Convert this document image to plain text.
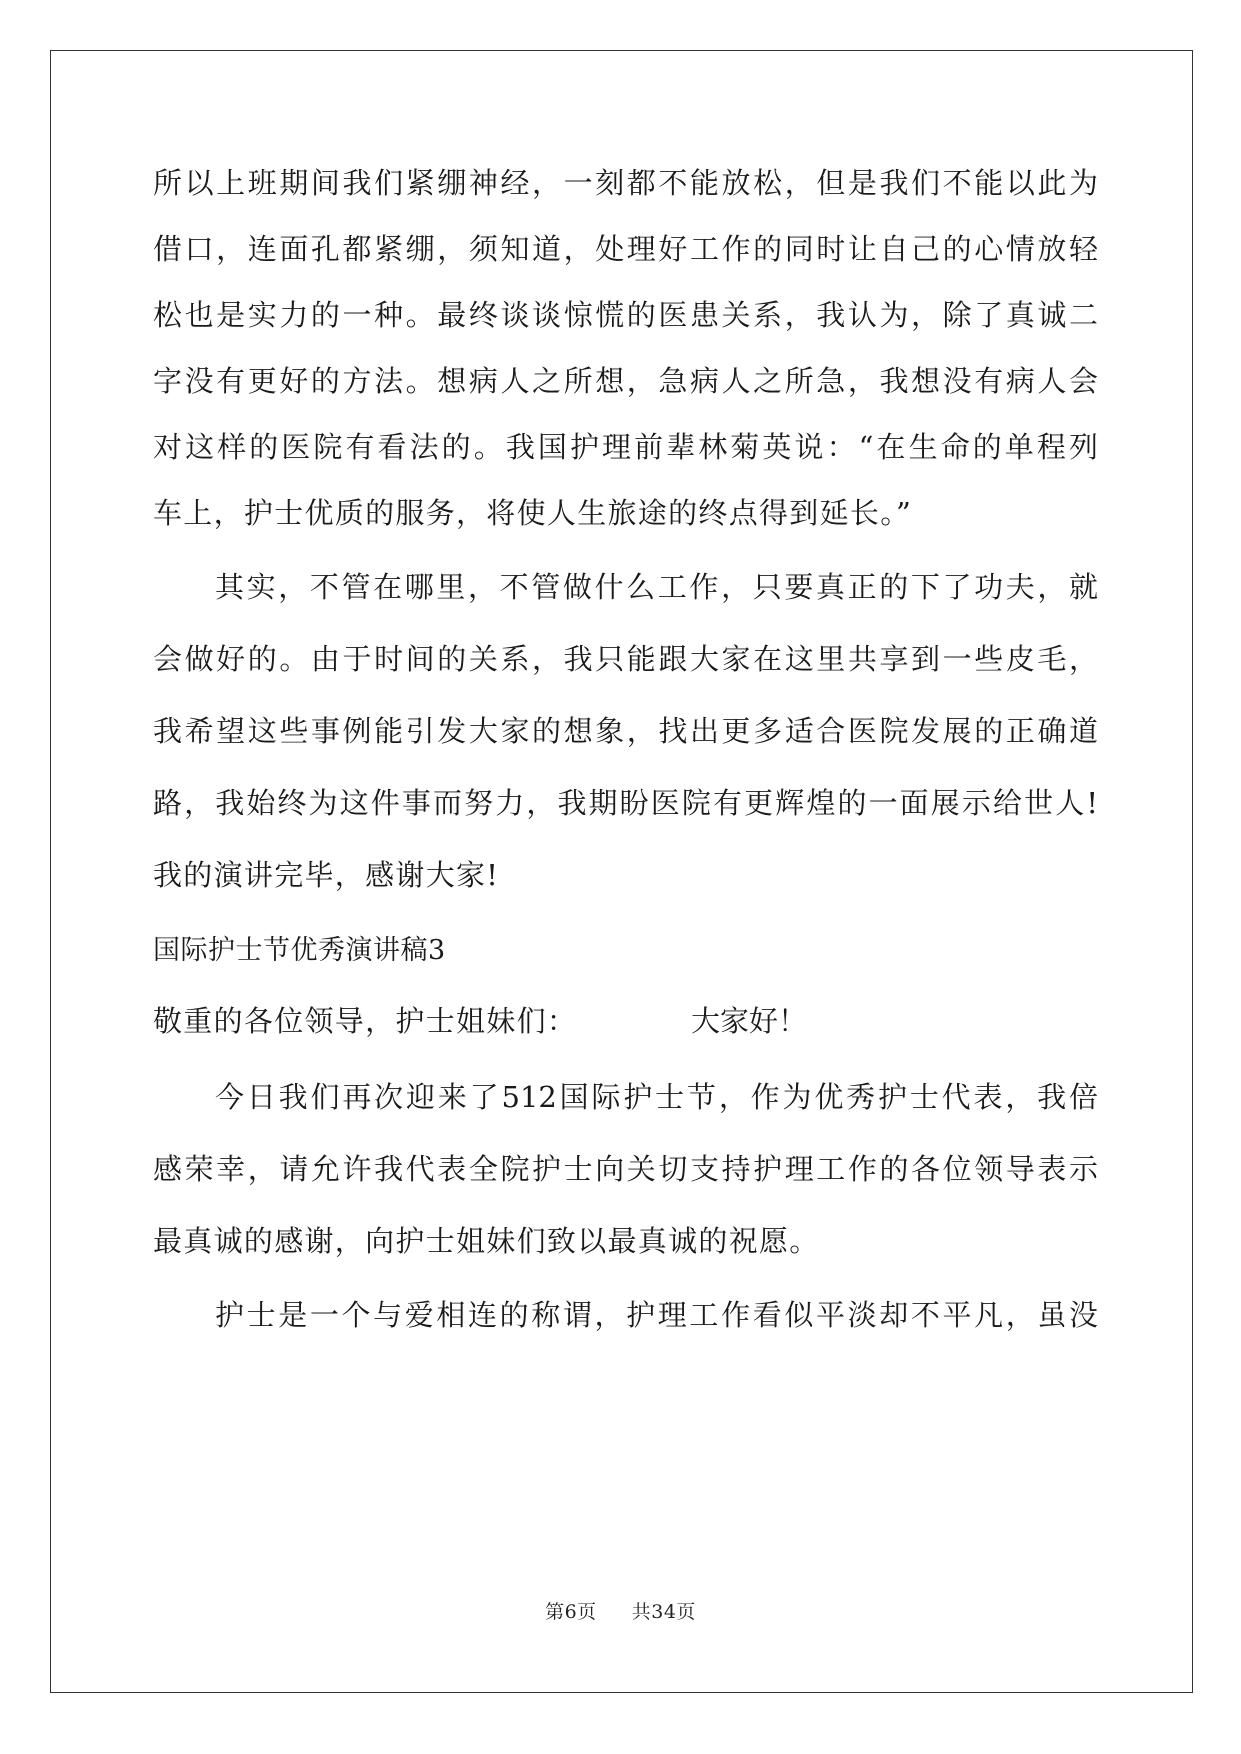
所以上班期间我们紧绷神经，一刻都不能放松，但是我们不能以此为
借口，连面孔都紧绷，须知道，处理好工作的同时让自己的心情放轻
松也是实力的一种。最终谈谈惊慌的医患关系，我认为，除了真诚二
字没有更好的方法。想病人之所想，急病人之所急，我想没有病人会
对这样的医院有看法的。我国护理前辈林菊英说：“在生命的单程列
车上，护士优质的服务，将使人生旅途的终点得到延长。”
其实，不管在哪里，不管做什么工作，只要真正的下了功夫，就
会做好的。由于时间的关系，我只能跟大家在这里共享到一些皮毛，
我希望这些事例能引发大家的想象，找出更多适合医院发展的正确道
路，我始终为这件事而努力，我期盼医院有更辉煌的一面展示给世人!
我的演讲完毕，感谢大家!
国际护士节优秀演讲稿3
敬重的各位领导，护士姐妹们：	大家好！
今日我们再次迎来了512国际护士节，作为优秀护士代表，我倍
感荣幸，请允许我代表全院护士向关切支持护理工作的各位领导表示
最真诚的感谢，向护士姐妹们致以最真诚的祝愿。
护士是一个与爱相连的称谓，护理工作看似平淡却不平凡，虽没
第6页 共34页
